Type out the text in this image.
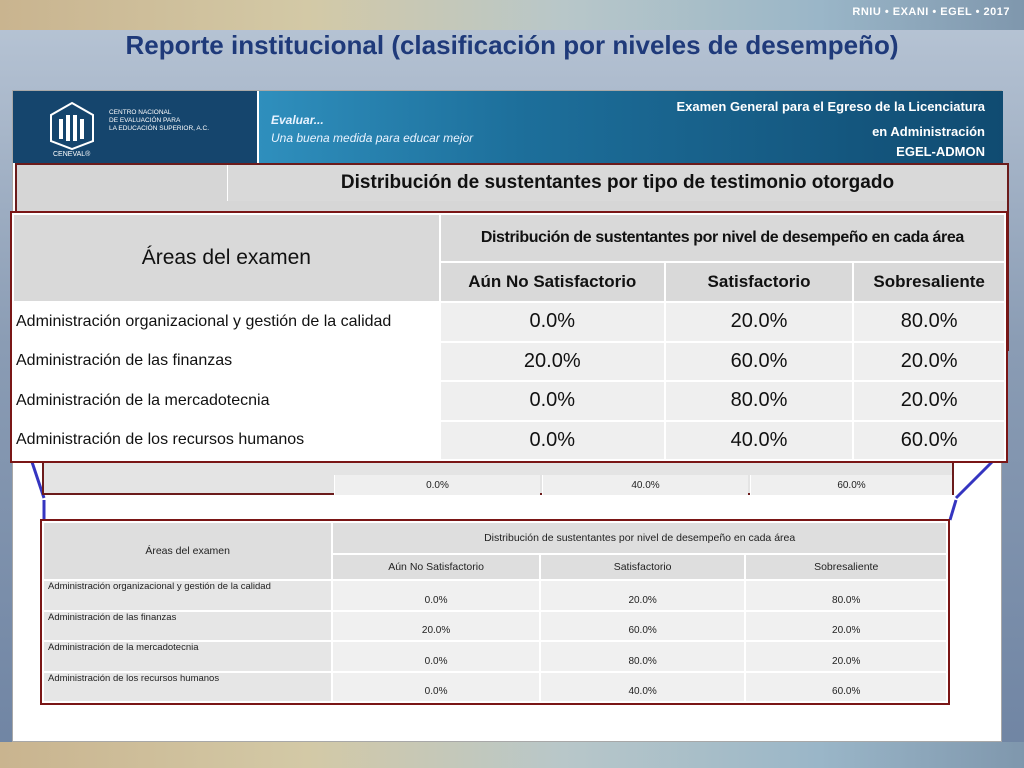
RNIU • EXANI • EGEL • 2017
Reporte institucional (clasificación por niveles de desempeño)
CENTRO NACIONAL
DE EVALUACIÓN PARA
LA EDUCACIÓN SUPERIOR, A.C.
CENEVAL®
Evaluar...
Una buena medida para educar mejor
Examen General para el Egreso de la Licenciatura
en Administración
EGEL-ADMON
Distribución de sustentantes por tipo de testimonio otorgado
0.0%	40.0%	60.0%
Áreas del examen	Distribución de sustentantes por nivel de desempeño en cada área		
	Aún No Satisfactorio	Satisfactorio	Sobresaliente
Administración organizacional y gestión de la calidad	0.0%	20.0%	80.0%
Administración de las finanzas	20.0%	60.0%	20.0%
Administración de la mercadotecnia	0.0%	80.0%	20.0%
Administración de los recursos humanos	0.0%	40.0%	60.0%
Áreas del examen	Distribución de sustentantes por nivel de desempeño en cada área		
	Aún No Satisfactorio	Satisfactorio	Sobresaliente
Administración organizacional y gestión de la calidad	0.0%	20.0%	80.0%
Administración de las finanzas	20.0%	60.0%	20.0%
Administración de la mercadotecnia	0.0%	80.0%	20.0%
Administración de los recursos humanos	0.0%	40.0%	60.0%
